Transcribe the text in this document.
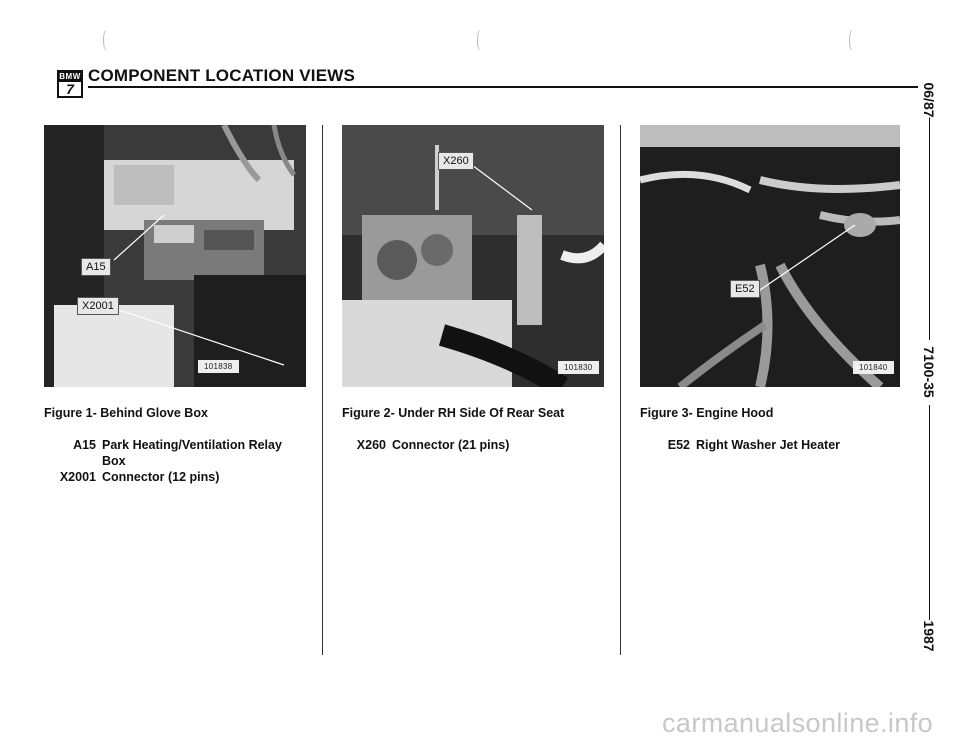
(	(	(
BMW
7
COMPONENT LOCATION VIEWS
A15
X2001
101838
X260
101830
E52
101840
Figure 1- Behind Glove Box	Figure 2- Under RH Side Of Rear Seat	Figure 3- Engine Hood
A15 Park Heating/Ventilation Relay
Box
X2001 Connector (12 pins)
X260 Connector (21 pins)	E52 Right Washer Jet Heater
06/87
7100-35
1987
carmanualsonline.info
